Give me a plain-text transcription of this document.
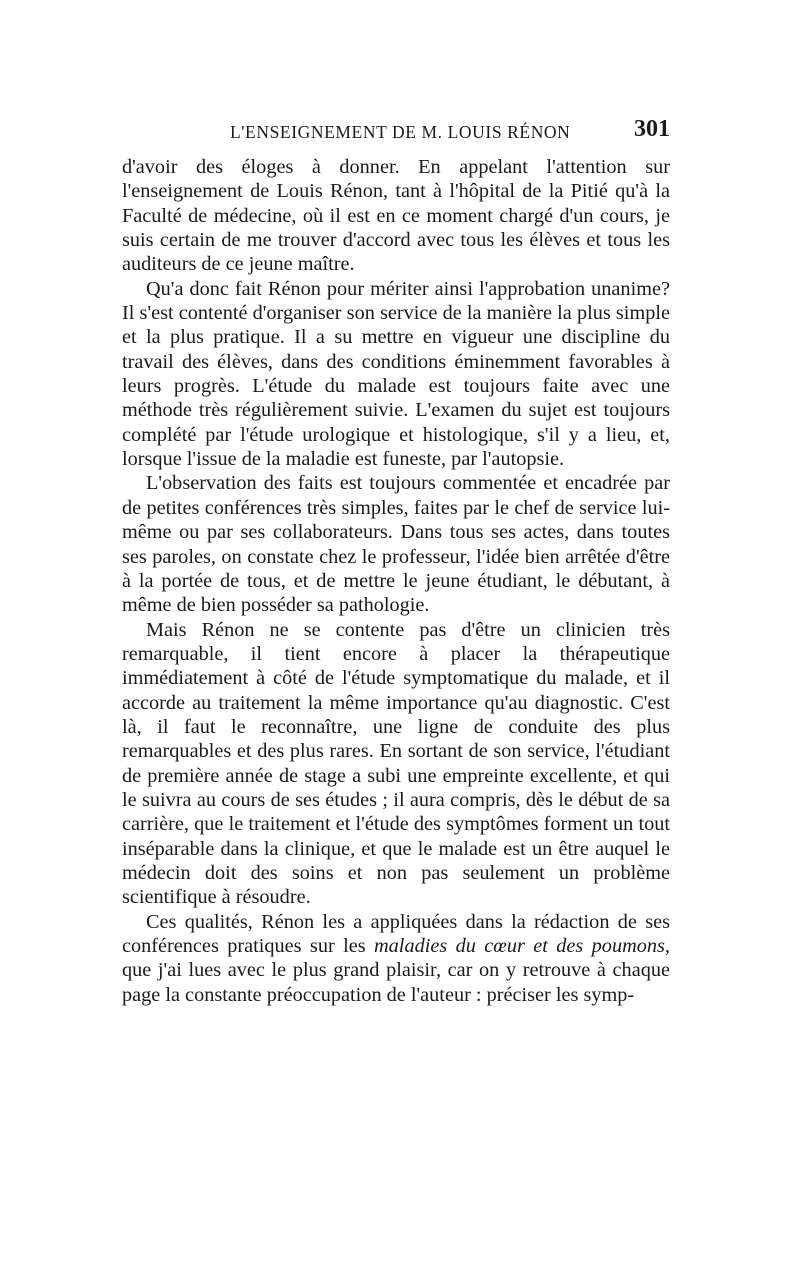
L'ENSEIGNEMENT DE M. LOUIS RÉNON	301

d'avoir des éloges à donner. En appelant l'attention sur l'enseignement de Louis Rénon, tant à l'hôpital de la Pitié qu'à la Faculté de médecine, où il est en ce moment chargé d'un cours, je suis certain de me trouver d'accord avec tous les élèves et tous les auditeurs de ce jeune maître.

Qu'a donc fait Rénon pour mériter ainsi l'approbation unanime? Il s'est contenté d'organiser son service de la manière la plus simple et la plus pratique. Il a su mettre en vigueur une discipline du travail des élèves, dans des conditions éminemment favorables à leurs progrès. L'étude du malade est toujours faite avec une méthode très régulièrement suivie. L'examen du sujet est toujours complété par l'étude urologique et histologique, s'il y a lieu, et, lorsque l'issue de la maladie est funeste, par l'autopsie.

L'observation des faits est toujours commentée et encadrée par de petites conférences très simples, faites par le chef de service lui-même ou par ses collaborateurs. Dans tous ses actes, dans toutes ses paroles, on constate chez le professeur, l'idée bien arrêtée d'être à la portée de tous, et de mettre le jeune étudiant, le débutant, à même de bien posséder sa pathologie.

Mais Rénon ne se contente pas d'être un clinicien très remarquable, il tient encore à placer la thérapeutique immédiatement à côté de l'étude symptomatique du malade, et il accorde au traitement la même importance qu'au diagnostic. C'est là, il faut le reconnaître, une ligne de conduite des plus remarquables et des plus rares. En sortant de son service, l'étudiant de première année de stage a subi une empreinte excellente, et qui le suivra au cours de ses études ; il aura compris, dès le début de sa carrière, que le traitement et l'étude des symptômes forment un tout inséparable dans la clinique, et que le malade est un être auquel le médecin doit des soins et non pas seulement un problème scientifique à résoudre.

Ces qualités, Rénon les a appliquées dans la rédaction de ses conférences pratiques sur les maladies du cœur et des poumons, que j'ai lues avec le plus grand plaisir, car on y retrouve à chaque page la constante préoccupation de l'auteur : préciser les symp-
